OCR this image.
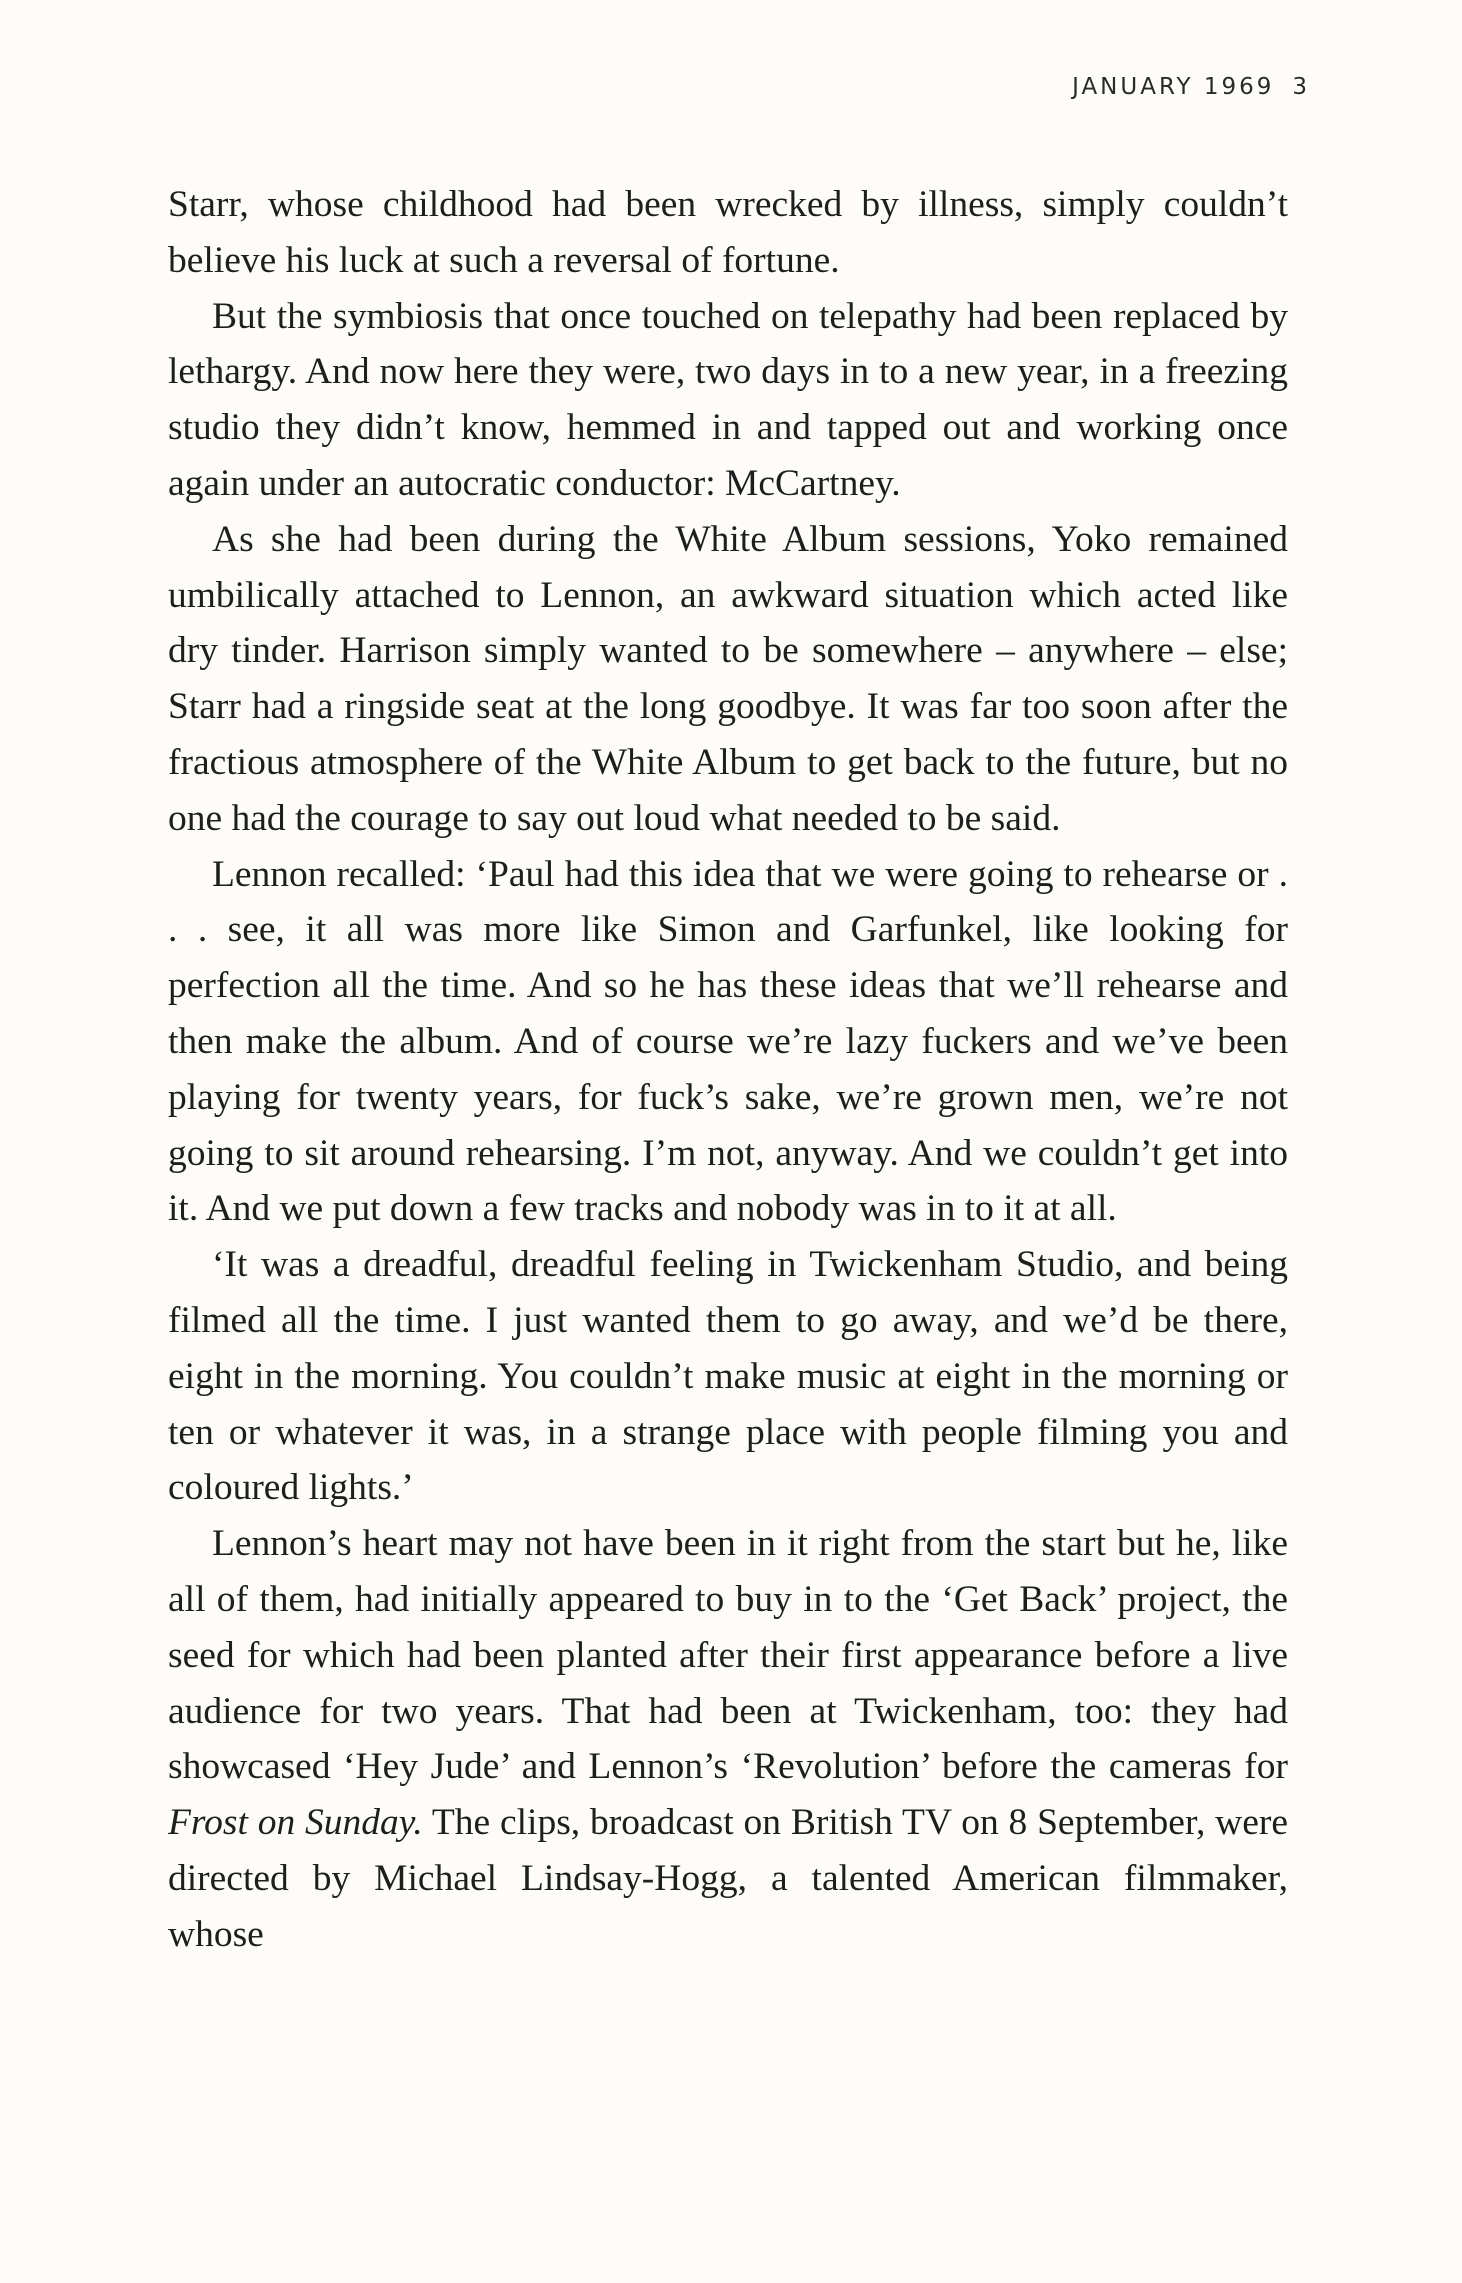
JANUARY 1969 3

Starr, whose childhood had been wrecked by illness, simply couldn’t believe his luck at such a reversal of fortune.

But the symbiosis that once touched on telepathy had been replaced by lethargy. And now here they were, two days in to a new year, in a freezing studio they didn’t know, hemmed in and tapped out and working once again under an autocratic conductor: McCartney.

As she had been during the White Album sessions, Yoko remained umbilically attached to Lennon, an awkward situation which acted like dry tinder. Harrison simply wanted to be somewhere – anywhere – else; Starr had a ringside seat at the long goodbye. It was far too soon after the fractious atmosphere of the White Album to get back to the future, but no one had the courage to say out loud what needed to be said.

Lennon recalled: ‘Paul had this idea that we were going to rehearse or . . . see, it all was more like Simon and Garfunkel, like looking for perfection all the time. And so he has these ideas that we’ll rehearse and then make the album. And of course we’re lazy fuckers and we’ve been playing for twenty years, for fuck’s sake, we’re grown men, we’re not going to sit around rehearsing. I’m not, anyway. And we couldn’t get into it. And we put down a few tracks and nobody was in to it at all.

‘It was a dreadful, dreadful feeling in Twickenham Studio, and being filmed all the time. I just wanted them to go away, and we’d be there, eight in the morning. You couldn’t make music at eight in the morning or ten or whatever it was, in a strange place with people filming you and coloured lights.’

Lennon’s heart may not have been in it right from the start but he, like all of them, had initially appeared to buy in to the ‘Get Back’ project, the seed for which had been planted after their first appearance before a live audience for two years. That had been at Twickenham, too: they had showcased ‘Hey Jude’ and Lennon’s ‘Revolution’ before the cameras for Frost on Sunday. The clips, broadcast on British TV on 8 September, were directed by Michael Lindsay-Hogg, a talented American filmmaker, whose
